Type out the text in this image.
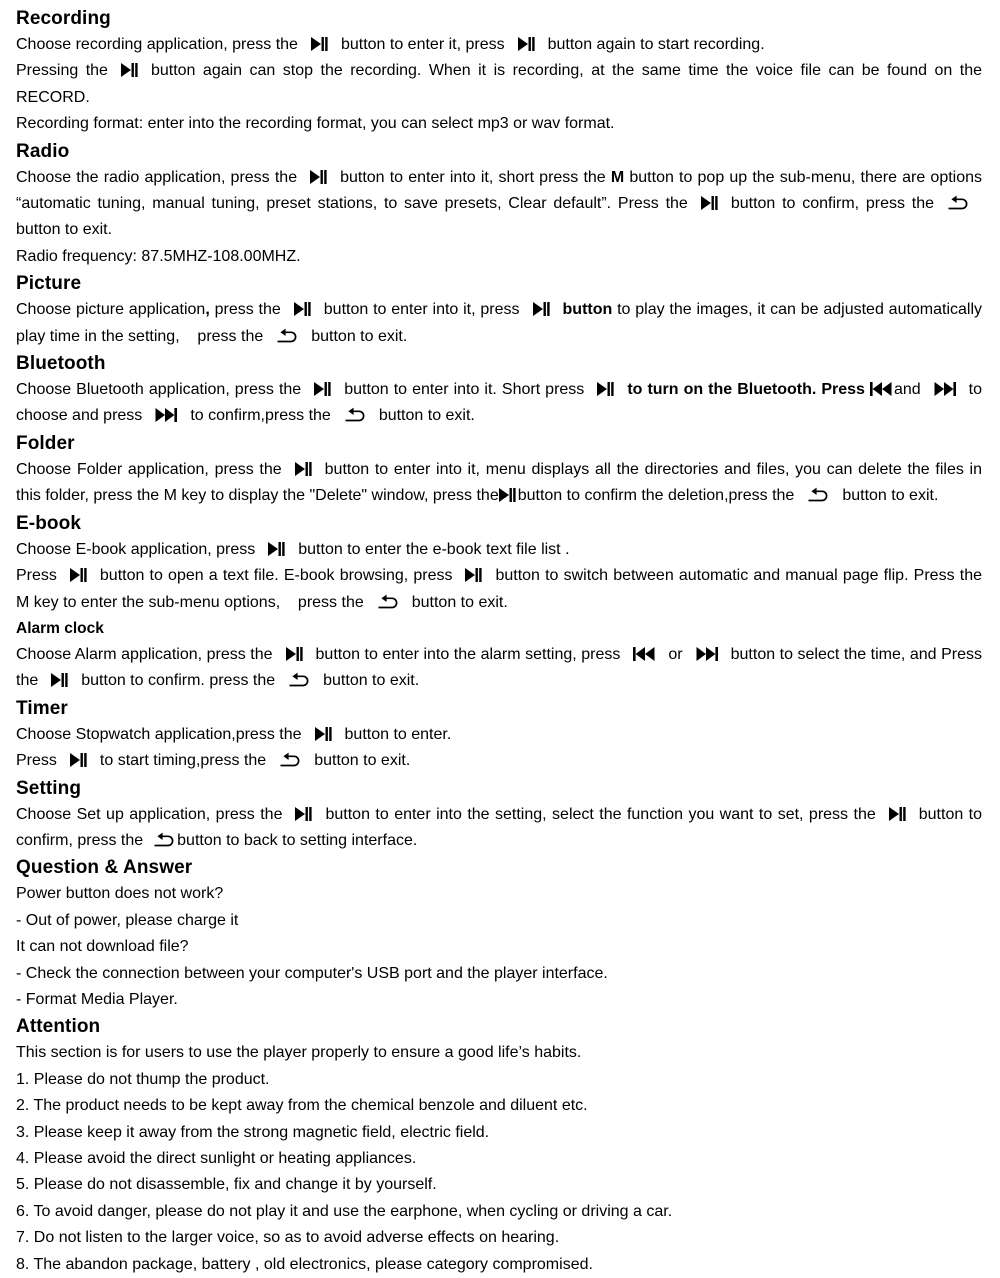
Recording

Choose recording application, press the	button to enter it, press	button again to start recording.

Pressing the	button again can stop the recording. When it is recording, at the same time the voice file can be found on the RECORD.

Recording format: enter into the recording format, you can select mp3 or wav format.

Radio

Choose the radio application, press the	button to enter into it, short press the M button to pop up the sub-menu, there are options “automatic tuning, manual tuning, preset stations, to save presets, Clear default”. Press the	button to confirm, press the
button to exit.

Radio frequency: 87.5MHZ-108.00MHZ.

Picture

Choose picture application, press the	button to enter into it, press	button to play the images, it can be adjusted automatically play time in the setting,    press the	button to exit.

Bluetooth

Choose Bluetooth application, press the	button to enter into it. Short press	to turn on the Bluetooth. Press and	to choose and press	to confirm,press the	button to exit.

Folder

Choose Folder application, press the	button to enter into it, menu displays all the directories and files, you can delete the files in this folder, press the M key to display the "Delete" window, press the button to confirm the deletion,press the	button to exit.

E-book

Choose E-book application, press	button to enter the e-book text file list .

Press	button to open a text file. E-book browsing, press	button to switch between automatic and manual page flip. Press the M key to enter the sub-menu options,    press the	button to exit.

Alarm clock

Choose Alarm application, press the	button to enter into the alarm setting, press	or	button to select the time, and Press the	button to confirm. press the	button to exit.

Timer

Choose Stopwatch application,press the	button to enter.

Press	to start timing,press the	button to exit.

Setting

Choose Set up application, press the	button to enter into the setting, select the function you want to set, press the	button to confirm, press the button to back to setting interface.

Question & Answer

Power button does not work?

- Out of power, please charge it

It can not download file?

- Check the connection between your computer's USB port and the player interface.

- Format Media Player.

Attention

This section is for users to use the player properly to ensure a good life’s habits.

1. Please do not thump the product.

2. The product needs to be kept away from the chemical benzole and diluent etc.

3. Please keep it away from the strong magnetic field, electric field.

4. Please avoid the direct sunlight or heating appliances.

5. Please do not disassemble, fix and change it by yourself.

6. To avoid danger, please do not play it and use the earphone, when cycling or driving a car.

7. Do not listen to the larger voice, so as to avoid adverse effects on hearing.

8. The abandon package, battery , old electronics, please category compromised.
